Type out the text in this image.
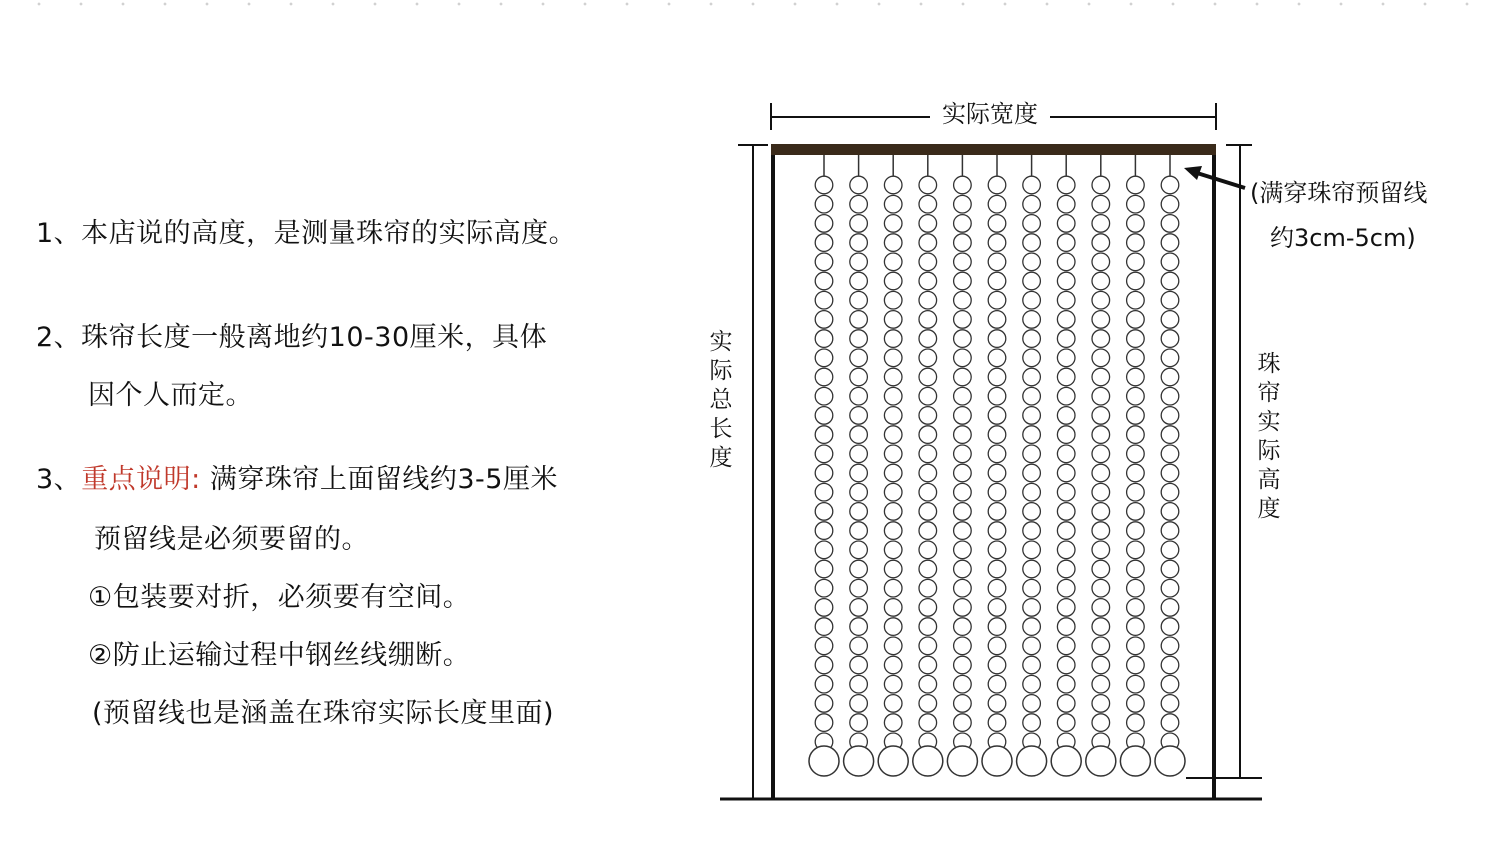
1、本店说的高度，是测量珠帘的实际高度。
2、珠帘长度一般离地约10-30厘米，具体
因个人而定。
3、重点说明: 满穿珠帘上面留线约3-5厘米
预留线是必须要留的。
①包装要对折，必须要有空间。
②防止运输过程中钢丝线绷断。
(预留线也是涵盖在珠帘实际长度里面)
实际宽度
(满穿珠帘预留线
约3cm-5cm)
实际总长度
珠帘实际高度
